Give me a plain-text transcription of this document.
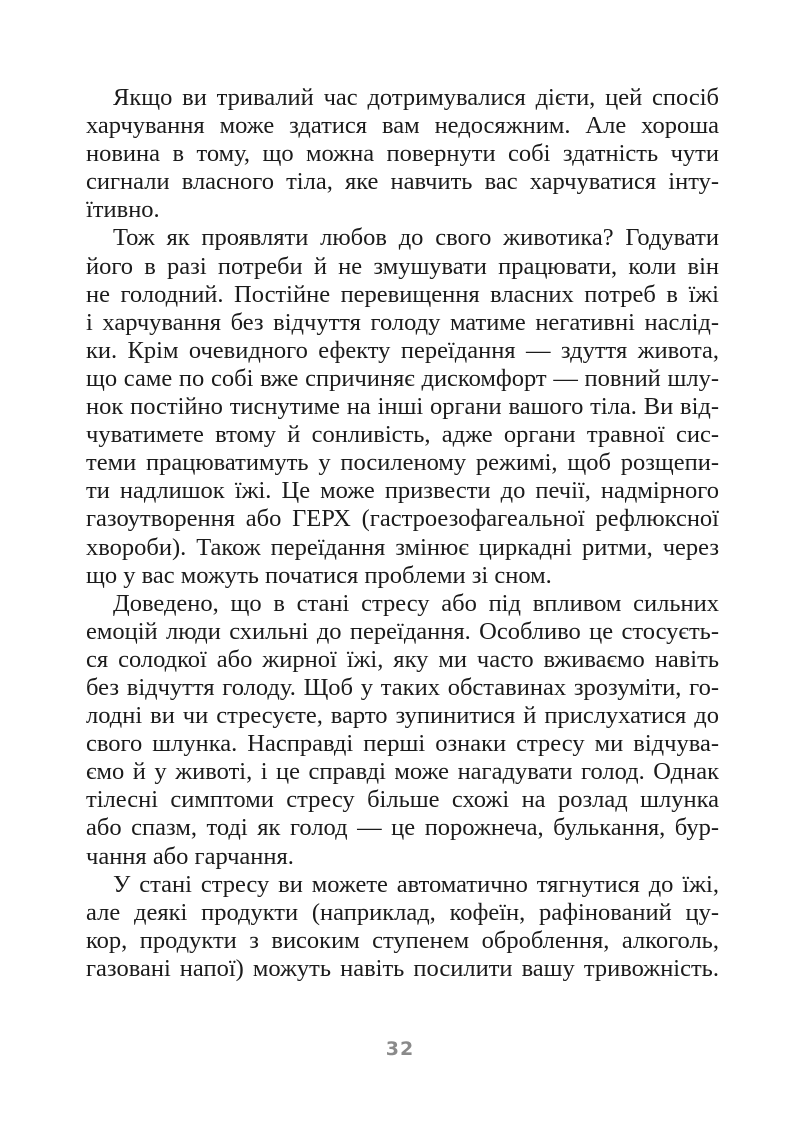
Якщо ви тривалий час дотримувалися дієти, цей спосіб
харчування може здатися вам недосяжним. Але хороша
новина в тому, що можна повернути собі здатність чути
сигнали власного тіла, яке навчить вас харчуватися інту-
їтивно.

Тож як проявляти любов до свого животика? Годувати
його в разі потреби й не змушувати працювати, коли він
не голодний. Постійне перевищення власних потреб в їжі
і харчування без відчуття голоду матиме негативні наслід-
ки. Крім очевидного ефекту переїдання — здуття живота,
що саме по собі вже спричиняє дискомфорт — повний шлу-
нок постійно тиснутиме на інші органи вашого тіла. Ви від-
чуватимете втому й сонливість, адже органи травної сис-
теми працюватимуть у посиленому режимі, щоб розщепи-
ти надлишок їжі. Це може призвести до печії, надмірного
газоутворення або ГЕРХ (гастроезофагеальної рефлюксної
хвороби). Також переїдання змінює циркадні ритми, через
що у вас можуть початися проблеми зі сном.

Доведено, що в стані стресу або під впливом сильних
емоцій люди схильні до переїдання. Особливо це стосуєть-
ся солодкої або жирної їжі, яку ми часто вживаємо навіть
без відчуття голоду. Щоб у таких обставинах зрозуміти, го-
лодні ви чи стресуєте, варто зупинитися й прислухатися до
свого шлунка. Насправді перші ознаки стресу ми відчува-
ємо й у животі, і це справді може нагадувати голод. Однак
тілесні симптоми стресу більше схожі на розлад шлунка
або спазм, тоді як голод — це порожнеча, булькання, бур-
чання або гарчання.

У стані стресу ви можете автоматично тягнутися до їжі,
але деякі продукти (наприклад, кофеїн, рафінований цу-
кор, продукти з високим ступенем оброблення, алкоголь,
газовані напої) можуть навіть посилити вашу тривожність.

32
